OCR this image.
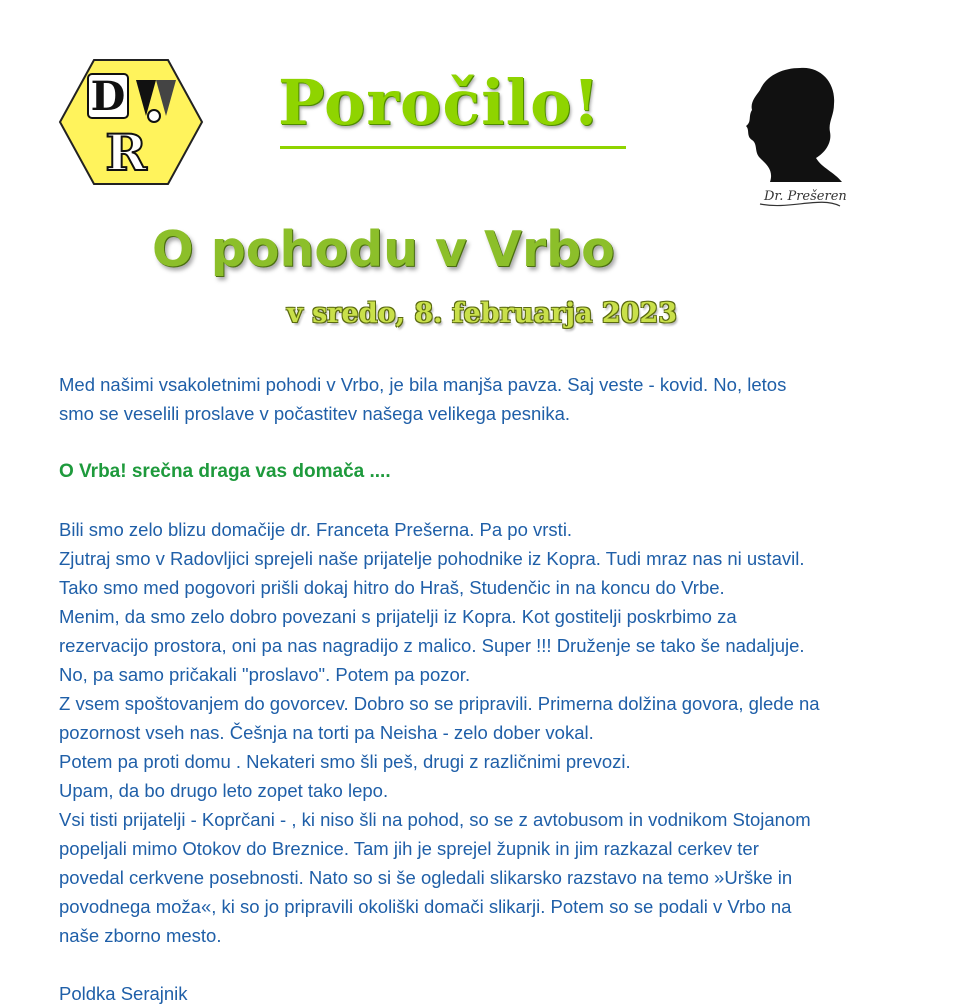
D
R
Poročilo!
Dr. Prešeren
O pohodu v Vrbo
v sredo, 8. februarja 2023

Med našimi vsakoletnimi pohodi v Vrbo, je bila manjša pavza. Saj veste - kovid. No, letos
smo se veselili proslave v počastitev našega velikega pesnika.

O Vrba! srečna draga vas domača ....

Bili smo zelo blizu domačije dr. Franceta Prešerna. Pa po vrsti.
Zjutraj smo v Radovljici sprejeli naše prijatelje pohodnike iz Kopra. Tudi mraz nas ni ustavil.
Tako smo med pogovori prišli dokaj hitro do Hraš, Studenčic in na koncu do Vrbe.
Menim, da smo zelo dobro povezani s prijatelji iz Kopra. Kot gostitelji poskrbimo za
rezervacijo prostora, oni pa nas nagradijo z malico. Super !!! Druženje se tako še nadaljuje.
No, pa samo pričakali "proslavo". Potem pa pozor.
Z vsem spoštovanjem do govorcev. Dobro so se pripravili. Primerna dolžina govora, glede na
pozornost vseh nas. Češnja na torti pa Neisha - zelo dober vokal.
Potem pa proti domu . Nekateri smo šli peš, drugi z različnimi prevozi.
Upam, da bo drugo leto zopet tako lepo.
Vsi tisti prijatelji - Koprčani - , ki niso šli na pohod, so se z avtobusom in vodnikom Stojanom
popeljali mimo Otokov do Breznice. Tam jih je sprejel župnik in jim razkazal cerkev ter
povedal cerkvene posebnosti. Nato so si še ogledali slikarsko razstavo na temo »Urške in
povodnega moža«, ki so jo pripravili okoliški domači slikarji. Potem so se podali v Vrbo na
naše zborno mesto.

Poldka Serajnik
